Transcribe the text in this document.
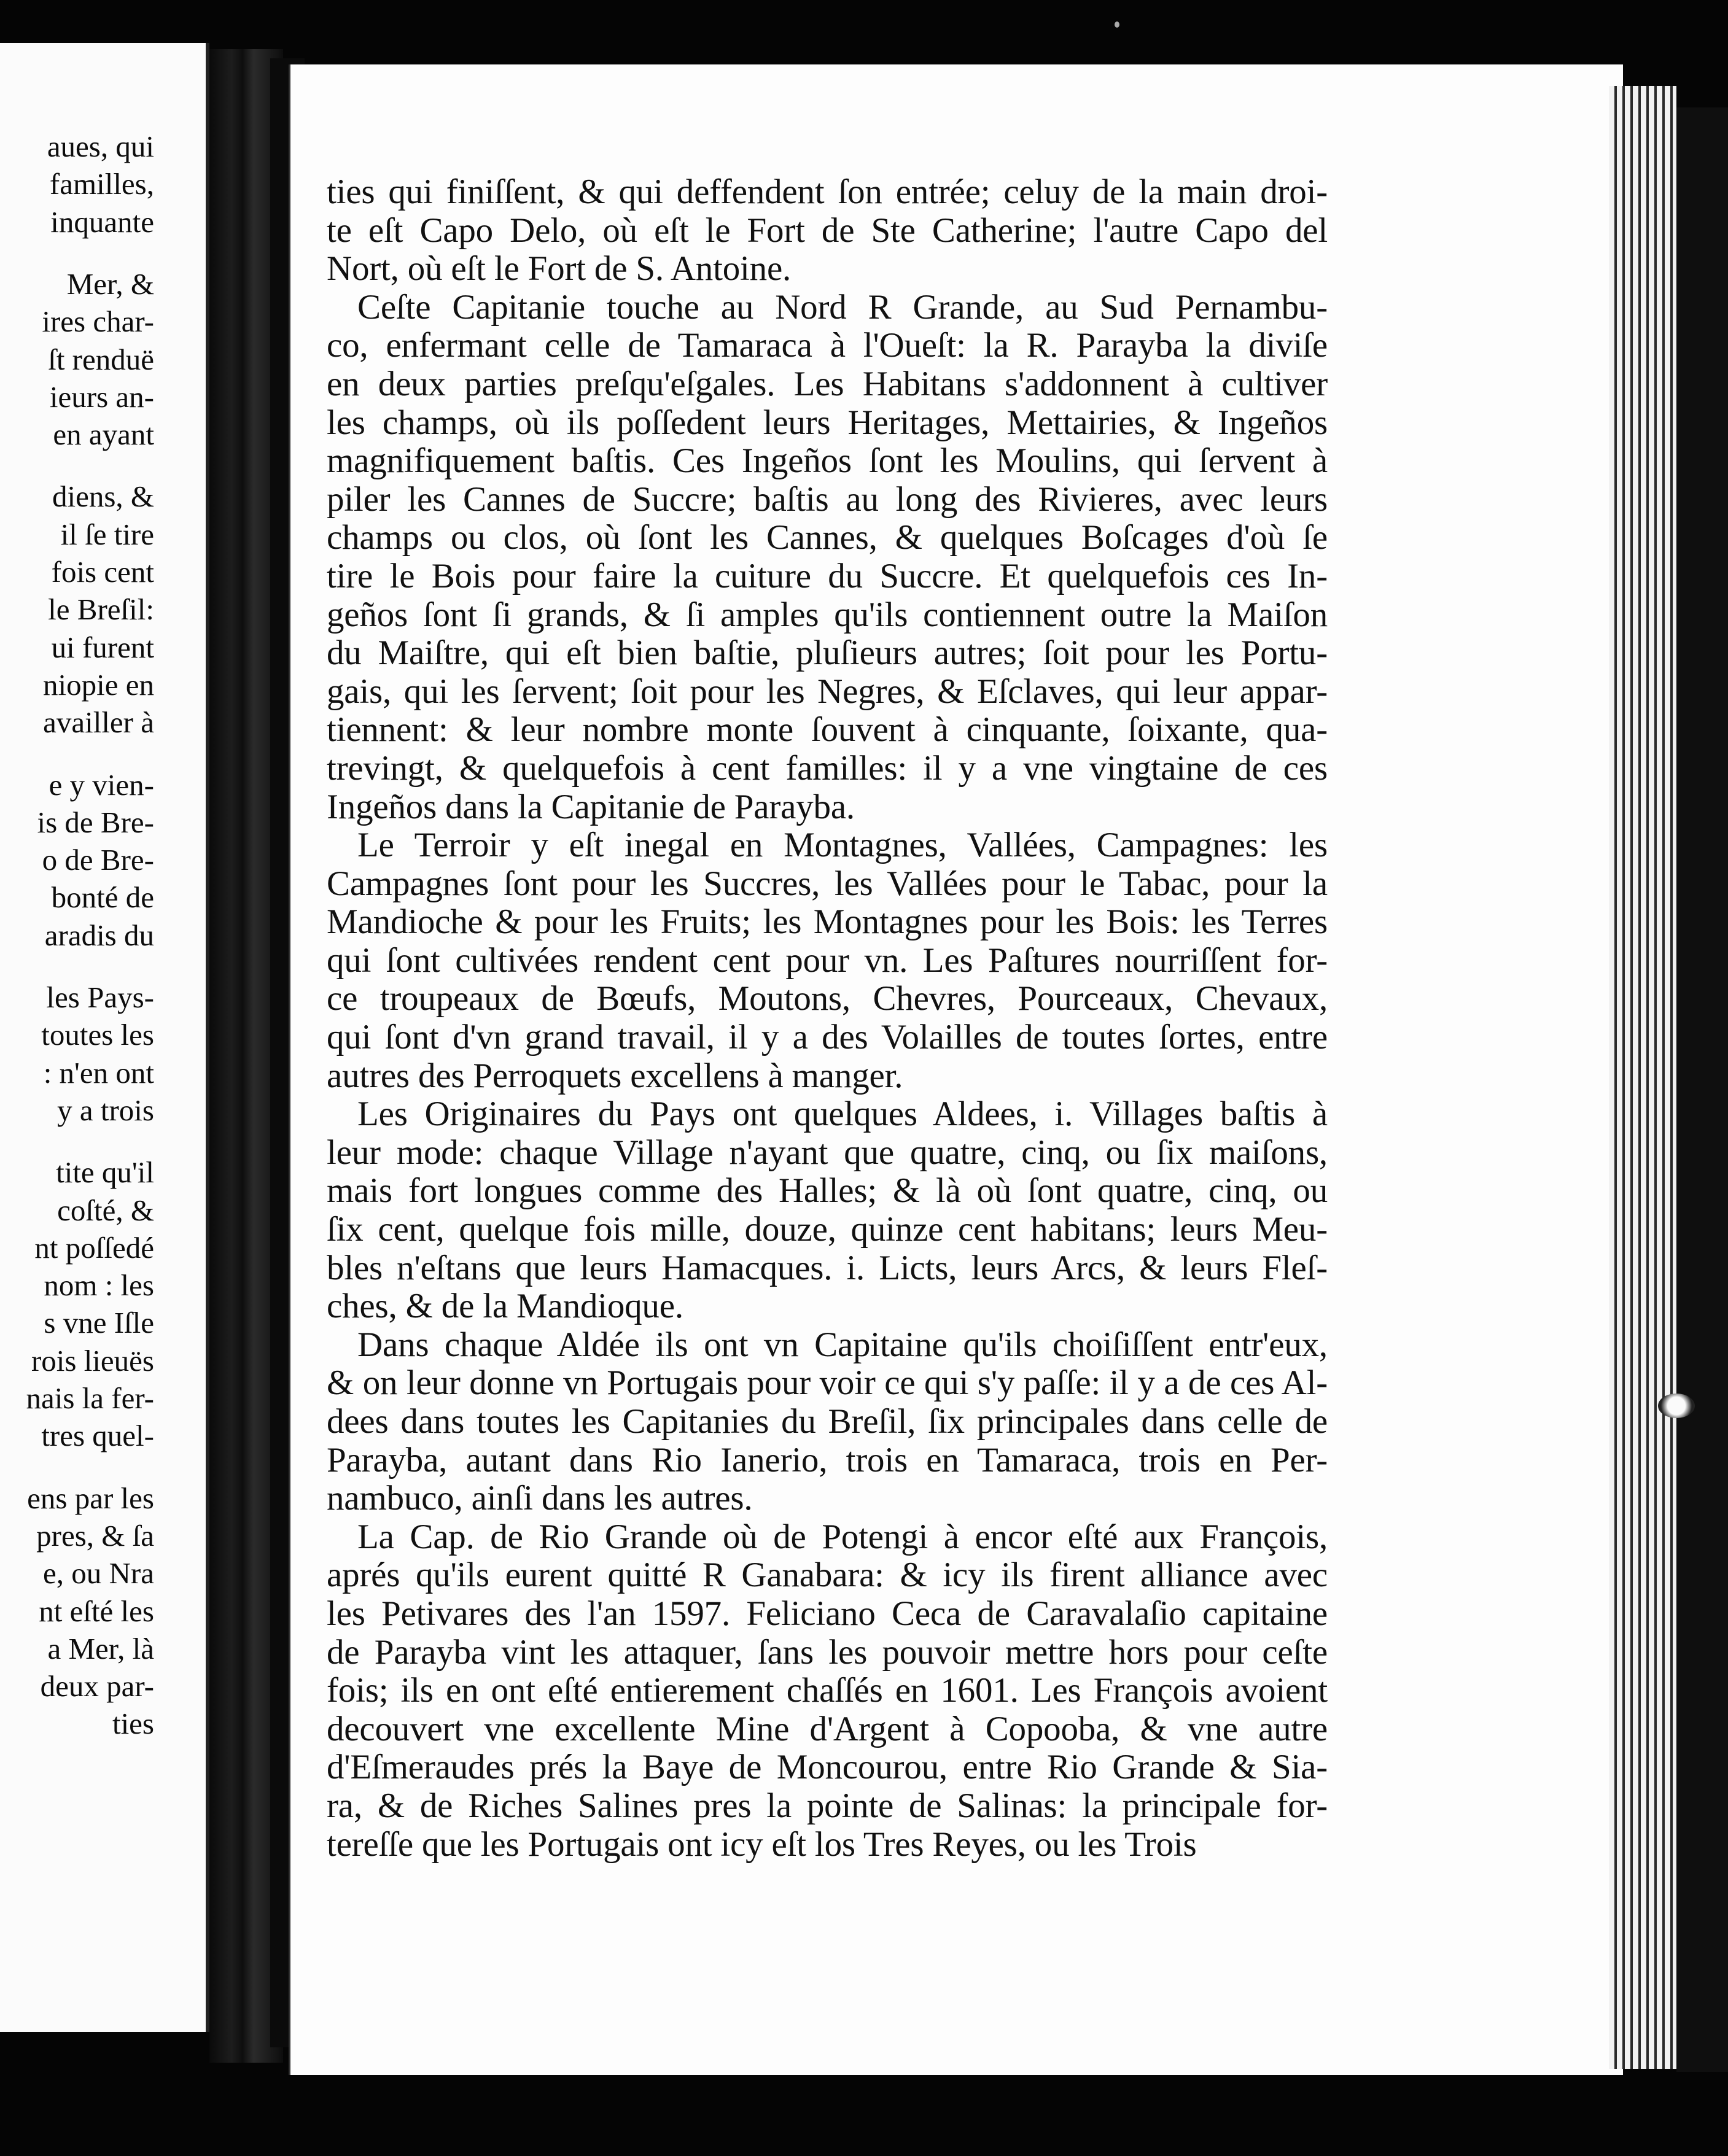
aues, qui

familles,

inquante

Mer, &

ires char-

ſt renduë

ieurs an-

en ayant

diens, &

il ſe tire

fois cent

le Breſil:

ui furent

niopie en

availler à

e y vien-

is de Bre-

o de Bre-

bonté de

aradis du

les Pays-

toutes les

: n'en ont

y a trois

tite qu'il

coſté, &

nt poſſedé

nom : les

s vne Iſle

rois lieuës

nais la fer-

tres quel-

ens par les

pres, & ſa

e, ou Nra

nt eſté les

a Mer, là

deux par-

ties

ties qui finiſſent, & qui deffendent ſon entrée; celuy de la main droi-

te eſt Capo Delo, où eſt le Fort de Ste Catherine; l'autre Capo del

Nort, où eſt le Fort de S. Antoine.

Ceſte Capitanie touche au Nord R Grande, au Sud Pernambu-

co, enfermant celle de Tamaraca à l'Oueſt: la R. Parayba la diviſe

en deux parties preſqu'eſgales. Les Habitans s'addonnent à cultiver

les champs, où ils poſſedent leurs Heritages, Mettairies, & Ingeños

magnifiquement baſtis. Ces Ingeños ſont les Moulins, qui ſervent à

piler les Cannes de Succre; baſtis au long des Rivieres, avec leurs

champs ou clos, où ſont les Cannes, & quelques Boſcages d'où ſe

tire le Bois pour faire la cuiture du Succre. Et quelquefois ces In-

geños ſont ſi grands, & ſi amples qu'ils contiennent outre la Maiſon

du Maiſtre, qui eſt bien baſtie, pluſieurs autres; ſoit pour les Portu-

gais, qui les ſervent; ſoit pour les Negres, & Eſclaves, qui leur appar-

tiennent: & leur nombre monte ſouvent à cinquante, ſoixante, qua-

trevingt, & quelquefois à cent familles: il y a vne vingtaine de ces

Ingeños dans la Capitanie de Parayba.

Le Terroir y eſt inegal en Montagnes, Vallées, Campagnes: les

Campagnes ſont pour les Succres, les Vallées pour le Tabac, pour la

Mandioche & pour les Fruits; les Montagnes pour les Bois: les Terres

qui ſont cultivées rendent cent pour vn. Les Paſtures nourriſſent for-

ce troupeaux de Bœufs, Moutons, Chevres, Pourceaux, Chevaux,

qui ſont d'vn grand travail, il y a des Volailles de toutes ſortes, entre

autres des Perroquets excellens à manger.

Les Originaires du Pays ont quelques Aldees, i. Villages baſtis à

leur mode: chaque Village n'ayant que quatre, cinq, ou ſix maiſons,

mais fort longues comme des Halles; & là où ſont quatre, cinq, ou

ſix cent, quelque fois mille, douze, quinze cent habitans; leurs Meu-

bles n'eſtans que leurs Hamacques. i. Licts, leurs Arcs, & leurs Fleſ-

ches, & de la Mandioque.

Dans chaque Aldée ils ont vn Capitaine qu'ils choiſiſſent entr'eux,

& on leur donne vn Portugais pour voir ce qui s'y paſſe: il y a de ces Al-

dees dans toutes les Capitanies du Breſil, ſix principales dans celle de

Parayba, autant dans Rio Ianerio, trois en Tamaraca, trois en Per-

nambuco, ainſi dans les autres.

La Cap. de Rio Grande où de Potengi à encor eſté aux François,

aprés qu'ils eurent quitté R Ganabara: & icy ils firent alliance avec

les Petivares des l'an 1597. Feliciano Ceca de Caravalaſio capitaine

de Parayba vint les attaquer, ſans les pouvoir mettre hors pour ceſte

fois; ils en ont eſté entierement chaſſés en 1601. Les François avoient

decouvert vne excellente Mine d'Argent à Copooba, & vne autre

d'Eſmeraudes prés la Baye de Moncourou, entre Rio Grande & Sia-

ra, & de Riches Salines pres la pointe de Salinas: la principale for-

tereſſe que les Portugais ont icy eſt los Tres Reyes, ou les Trois
